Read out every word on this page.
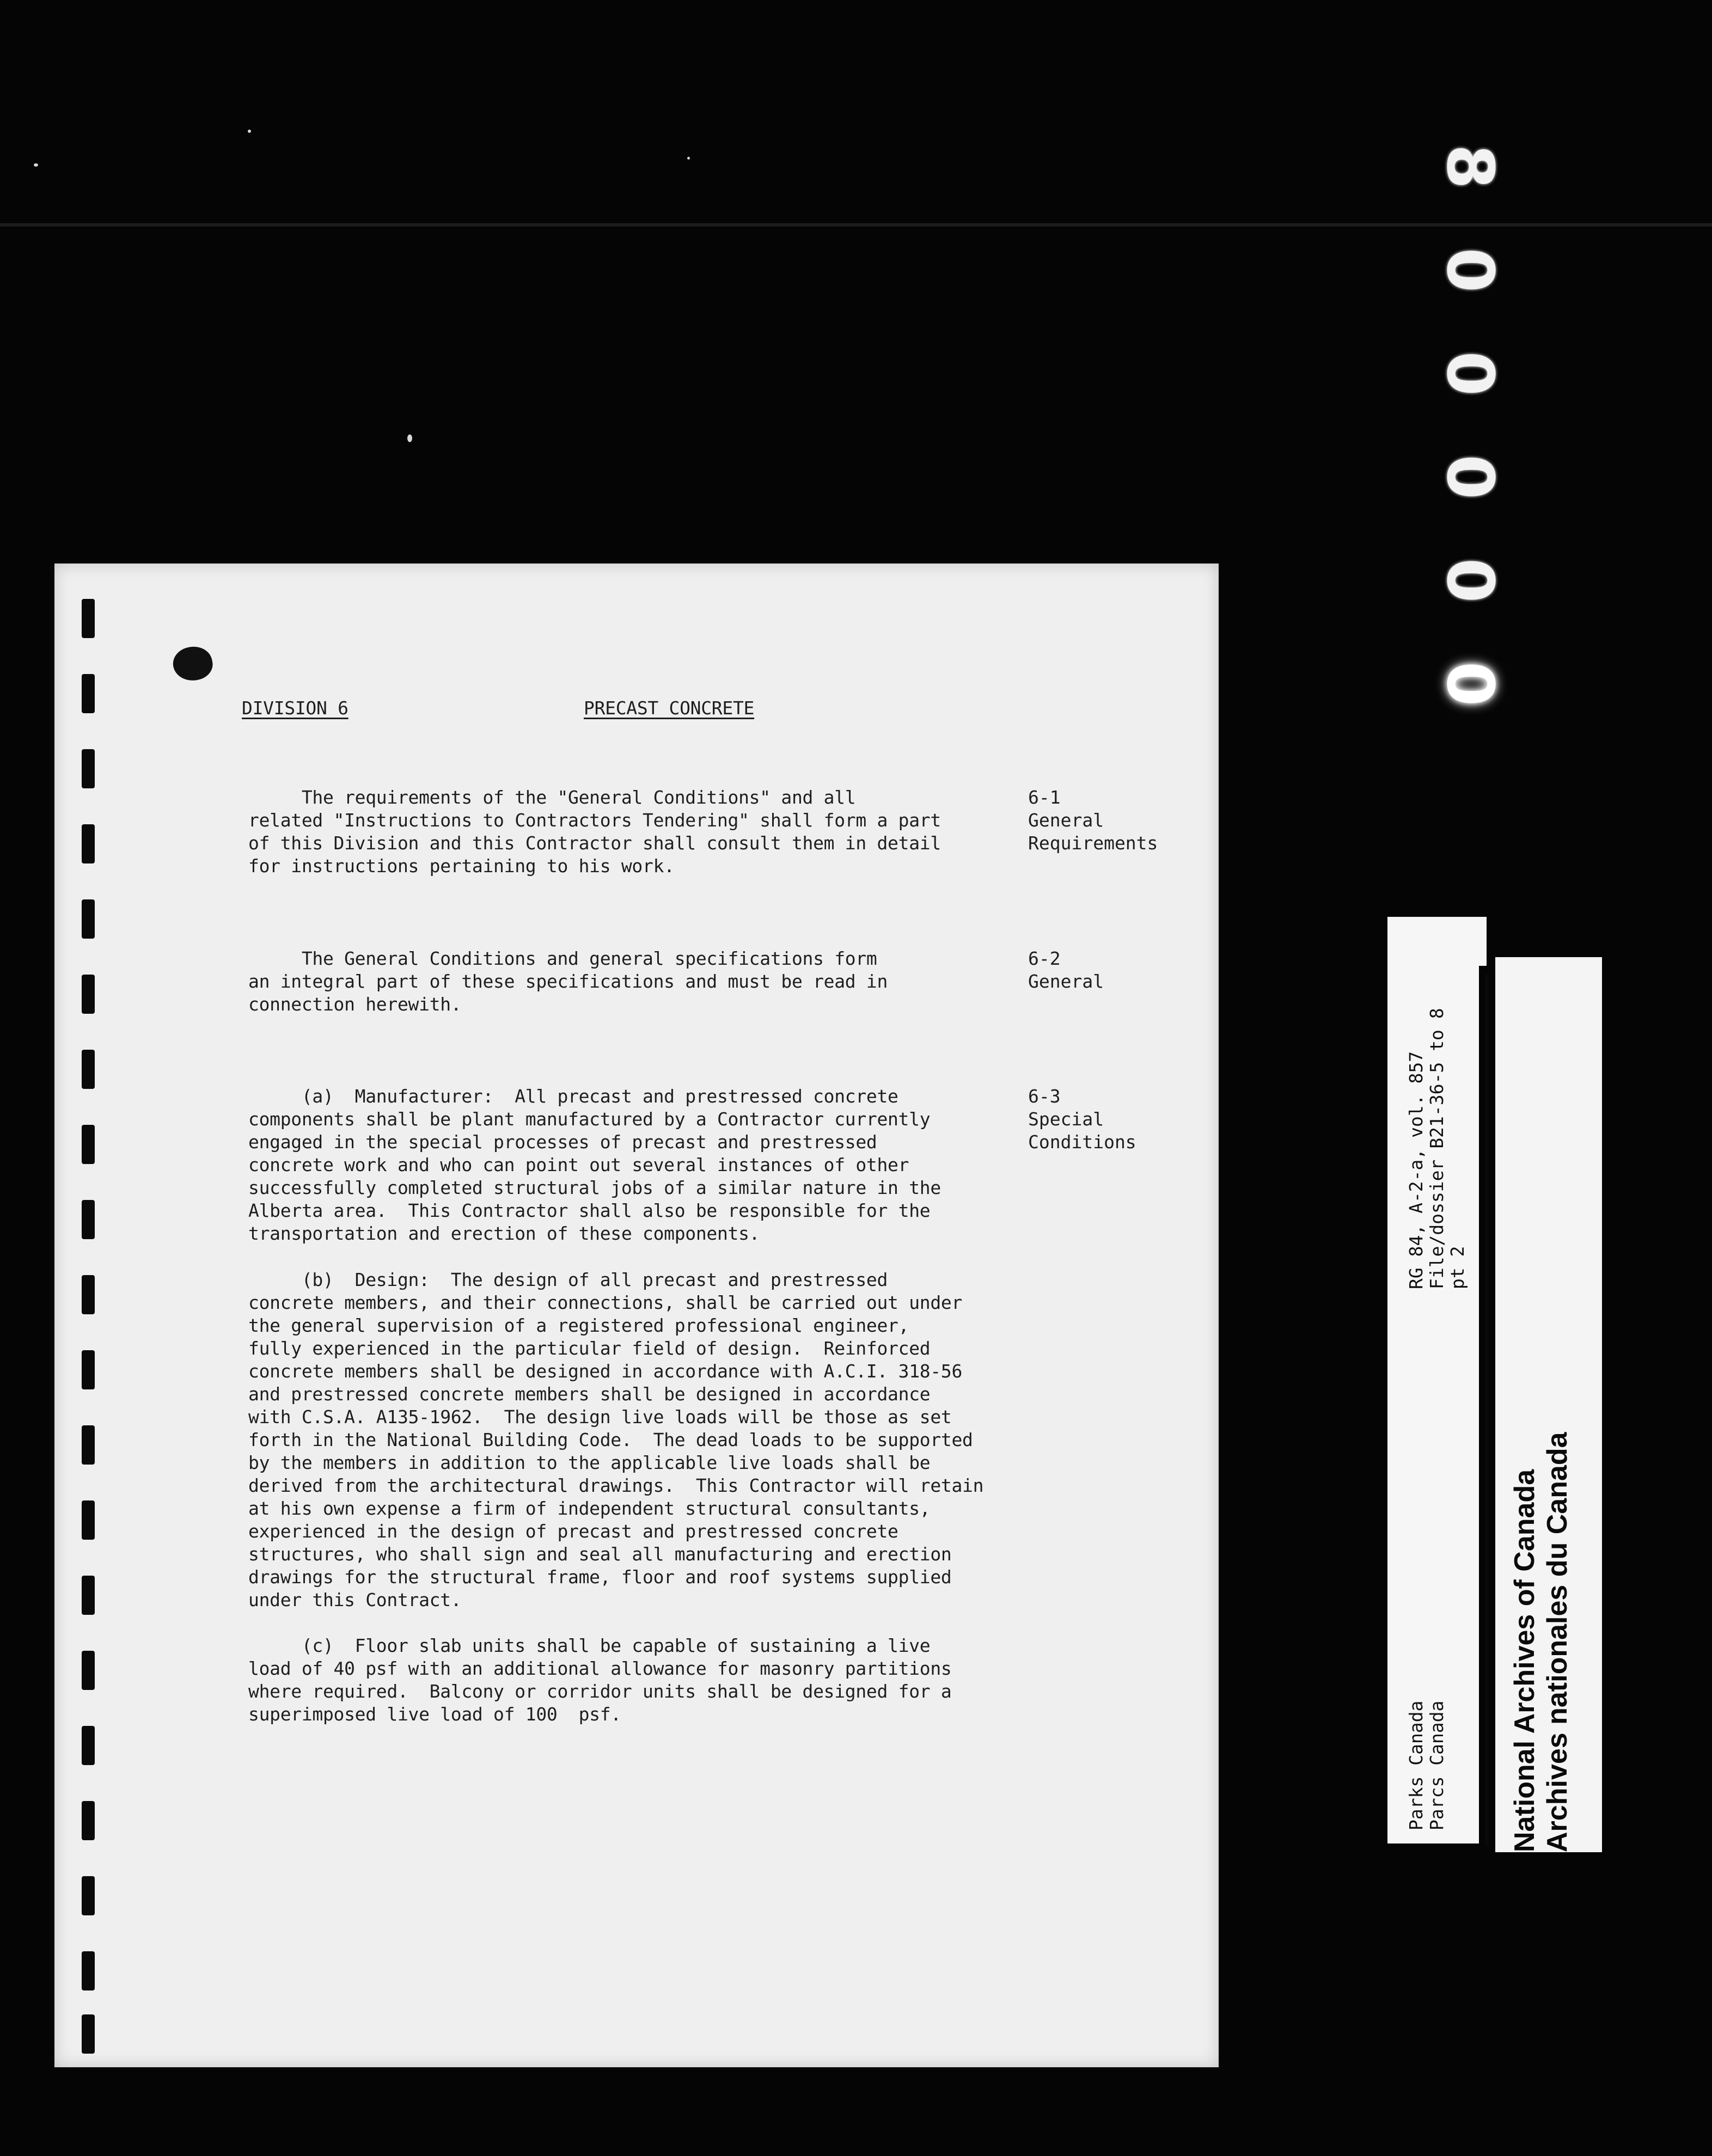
8
0
0
0
0
0
DIVISION 6	PRECAST CONCRETE
The requirements of the "General Conditions" and all
related "Instructions to Contractors Tendering" shall form a part
of this Division and this Contractor shall consult them in detail
for instructions pertaining to his work.
6-1
General
Requirements
The General Conditions and general specifications form
an integral part of these specifications and must be read in
connection herewith.
6-2
General
(a)  Manufacturer:  All precast and prestressed concrete
components shall be plant manufactured by a Contractor currently
engaged in the special processes of precast and prestressed
concrete work and who can point out several instances of other
successfully completed structural jobs of a similar nature in the
Alberta area.  This Contractor shall also be responsible for the
transportation and erection of these components.
6-3
Special
Conditions
(b)  Design:  The design of all precast and prestressed
concrete members, and their connections, shall be carried out under
the general supervision of a registered professional engineer,
fully experienced in the particular field of design.  Reinforced
concrete members shall be designed in accordance with A.C.I. 318-56
and prestressed concrete members shall be designed in accordance
with C.S.A. A135-1962.  The design live loads will be those as set
forth in the National Building Code.  The dead loads to be supported
by the members in addition to the applicable live loads shall be
derived from the architectural drawings.  This Contractor will retain
at his own expense a firm of independent structural consultants,
experienced in the design of precast and prestressed concrete
structures, who shall sign and seal all manufacturing and erection
drawings for the structural frame, floor and roof systems supplied
under this Contract.
(c)  Floor slab units shall be capable of sustaining a live
load of 40 psf with an additional allowance for masonry partitions
where required.  Balcony or corridor units shall be designed for a
superimposed live load of 100  psf.
RG 84, A-2-a, vol. 857 File/dossier B21-36-5 to 8 pt 2
Parks Canada Parcs Canada National Archives of Canada Archives nationales du Canada
